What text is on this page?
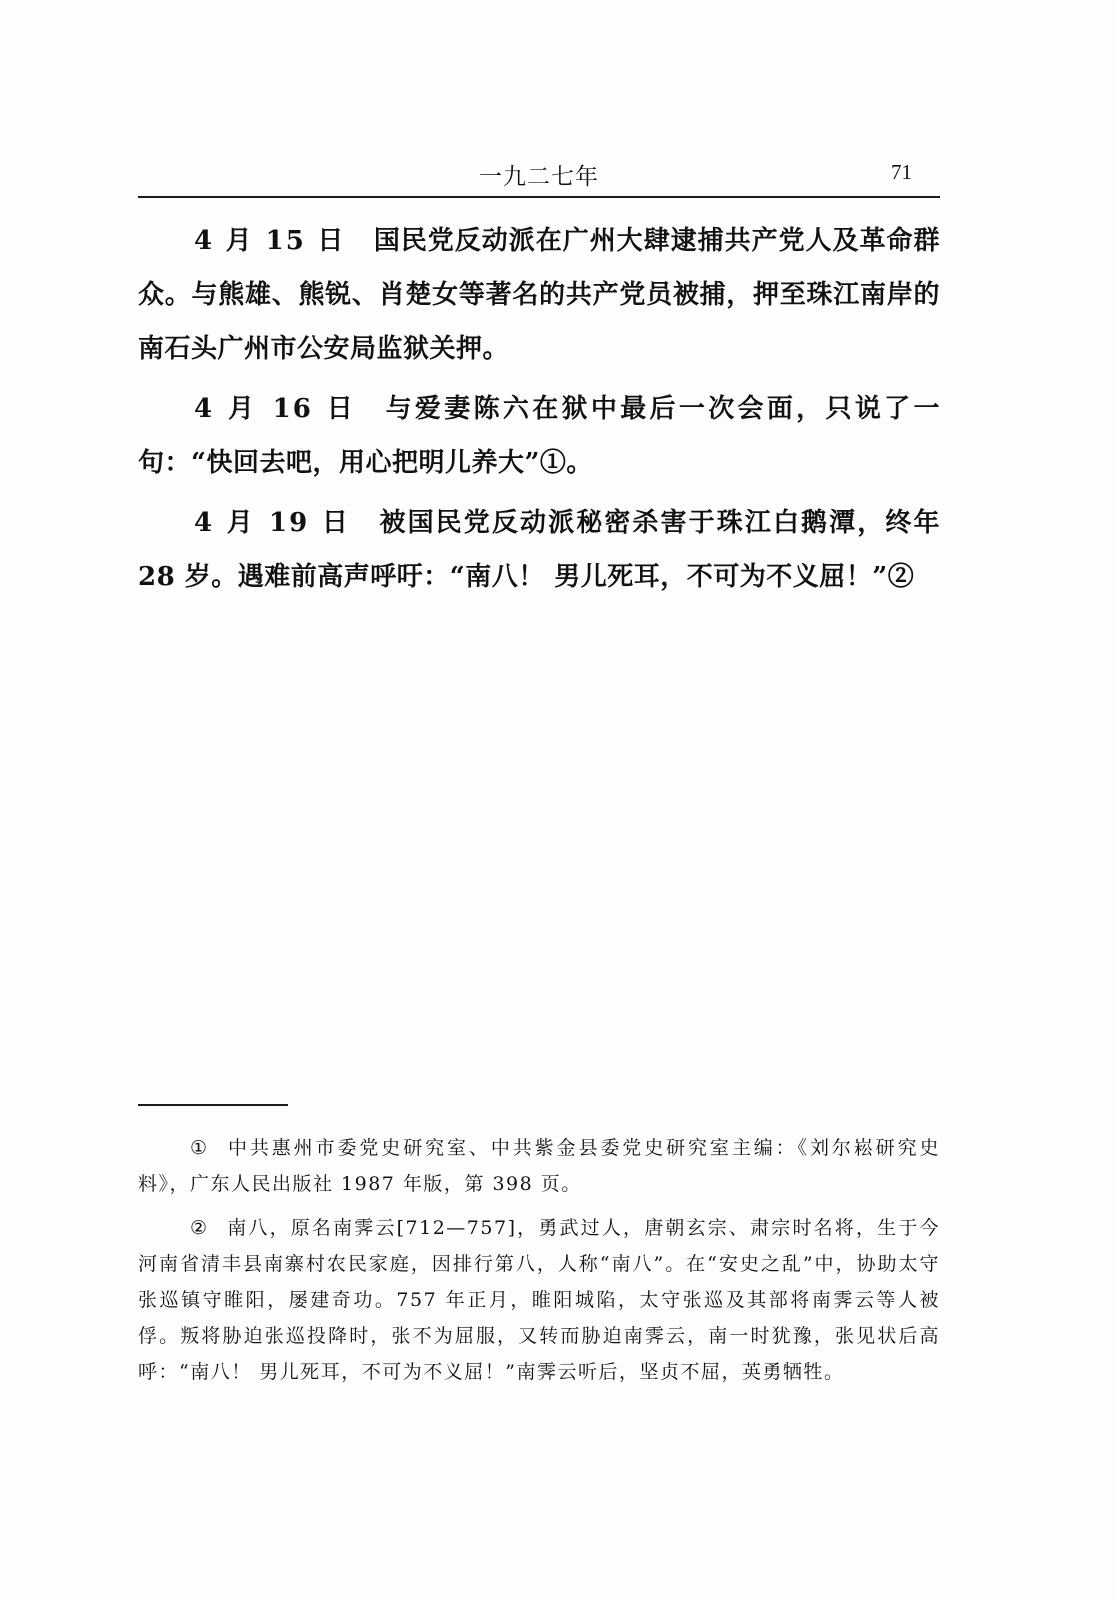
一九二七年	71

4 月 15 日 国民党反动派在广州大肆逮捕共产党人及革命群众。与熊雄、熊锐、肖楚女等著名的共产党员被捕，押至珠江南岸的南石头广州市公安局监狱关押。

4 月 16 日 与爱妻陈六在狱中最后一次会面，只说了一句：“快回去吧，用心把明儿养大”①。

4 月 19 日 被国民党反动派秘密杀害于珠江白鹅潭，终年 28 岁。遇难前高声呼吁：“南八！ 男儿死耳，不可为不义屈！”②

① 中共惠州市委党史研究室、中共紫金县委党史研究室主编：《刘尔崧研究史料》，广东人民出版社 1987 年版，第 398 页。

② 南八，原名南霁云[712—757]，勇武过人，唐朝玄宗、肃宗时名将，生于今河南省清丰县南寨村农民家庭，因排行第八，人称“南八”。在“安史之乱”中，协助太守张巡镇守睢阳，屡建奇功。757 年正月，睢阳城陷，太守张巡及其部将南霁云等人被俘。叛将胁迫张巡投降时，张不为屈服，又转而胁迫南霁云，南一时犹豫，张见状后高呼：“南八！ 男儿死耳，不可为不义屈！”南霁云听后，坚贞不屈，英勇牺牲。
